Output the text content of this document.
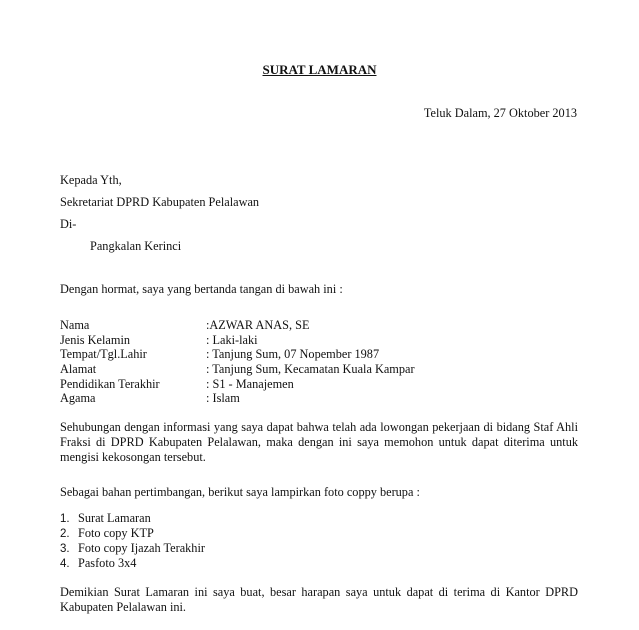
SURAT LAMARAN
Teluk Dalam, 27 Oktober 2013
Kepada Yth,
Sekretariat DPRD Kabupaten Pelalawan
Di-
Pangkalan Kerinci
Dengan hormat, saya yang bertanda tangan di bawah ini :
Nama	:AZWAR ANAS, SE
Jenis Kelamin	: Laki-laki
Tempat/Tgl.Lahir	: Tanjung Sum, 07 Nopember 1987
Alamat	: Tanjung Sum, Kecamatan Kuala Kampar
Pendidikan Terakhir	: S1 - Manajemen
Agama	: Islam
Sehubungan dengan informasi yang saya dapat bahwa telah ada lowongan pekerjaan di bidang Staf Ahli Fraksi di DPRD Kabupaten Pelalawan, maka dengan ini saya memohon untuk dapat diterima untuk mengisi kekosongan tersebut.
Sebagai bahan pertimbangan, berikut saya lampirkan foto coppy berupa :
1. Surat Lamaran
2. Foto copy KTP
3. Foto copy Ijazah Terakhir
4. Pasfoto 3x4
Demikian Surat Lamaran ini saya buat, besar harapan saya untuk dapat di terima di Kantor DPRD Kabupaten Pelalawan ini.
